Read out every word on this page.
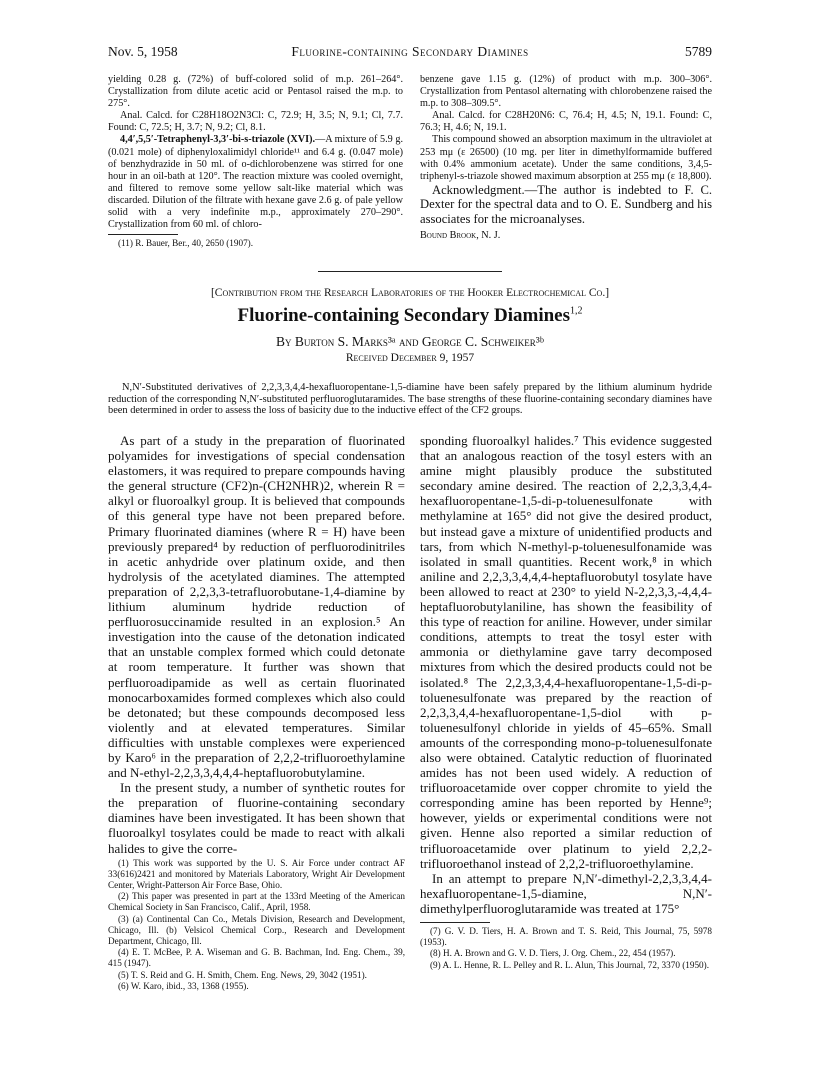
Nov. 5, 1958	Fluorine-containing Secondary Diamines	5789

yielding 0.28 g. (72%) of buff-colored solid of m.p. 261–264°. Crystallization from dilute acetic acid or Pentasol raised the m.p. to 275°.

Anal. Calcd. for C28H18O2N3Cl: C, 72.9; H, 3.5; N, 9.1; Cl, 7.7. Found: C, 72.5; H, 3.7; N, 9.2; Cl, 8.1.

4,4′,5,5′-Tetraphenyl-3,3′-bi-s-triazole (XVI).—A mixture of 5.9 g. (0.021 mole) of diphenyloxalimidyl chloride¹¹ and 6.4 g. (0.047 mole) of benzhydrazide in 50 ml. of o-dichlorobenzene was stirred for one hour in an oil-bath at 120°. The reaction mixture was cooled overnight, and filtered to remove some yellow salt-like material which was discarded. Dilution of the filtrate with hexane gave 2.6 g. of pale yellow solid with a very indefinite m.p., approximately 270–290°. Crystallization from 60 ml. of chloro-

(11) R. Bauer, Ber., 40, 2650 (1907).

benzene gave 1.15 g. (12%) of product with m.p. 300–306°. Crystallization from Pentasol alternating with chlorobenzene raised the m.p. to 308–309.5°.

Anal. Calcd. for C28H20N6: C, 76.4; H, 4.5; N, 19.1. Found: C, 76.3; H, 4.6; N, 19.1.

This compound showed an absorption maximum in the ultraviolet at 253 mμ (ε 26500) (10 mg. per liter in dimethylformamide buffered with 0.4% ammonium acetate). Under the same conditions, 3,4,5-triphenyl-s-triazole showed maximum absorption at 255 mμ (ε 18,800).

Acknowledgment.—The author is indebted to F. C. Dexter for the spectral data and to O. E. Sundberg and his associates for the microanalyses.

Bound Brook, N. J.

[Contribution from the Research Laboratories of the Hooker Electrochemical Co.]
Fluorine-containing Secondary Diamines$^{1,2}$
By Burton S. Marks³ᵃ and George C. Schweiker³ᵇ
Received December 9, 1957
N,N′-Substituted derivatives of 2,2,3,3,4,4-hexafluoropentane-1,5-diamine have been safely prepared by the lithium aluminum hydride reduction of the corresponding N,N′-substituted perfluoroglutaramides. The base strengths of these fluorine-containing secondary diamines have been determined in order to assess the loss of basicity due to the inductive effect of the CF2 groups.

As part of a study in the preparation of fluorinated polyamides for investigations of special condensation elastomers, it was required to prepare compounds having the general structure (CF2)n-(CH2NHR)2, wherein R = alkyl or fluoroalkyl group. It is believed that compounds of this general type have not been prepared before. Primary fluorinated diamines (where R = H) have been previously prepared⁴ by reduction of perfluorodinitriles in acetic anhydride over platinum oxide, and then hydrolysis of the acetylated diamines. The attempted preparation of 2,2,3,3-tetrafluorobutane-1,4-diamine by lithium aluminum hydride reduction of perfluorosuccinamide resulted in an explosion.⁵ An investigation into the cause of the detonation indicated that an unstable complex formed which could detonate at room temperature. It further was shown that perfluoroadipamide as well as certain fluorinated monocarboxamides formed complexes which also could be detonated; but these compounds decomposed less violently and at elevated temperatures. Similar difficulties with unstable complexes were experienced by Karo⁶ in the preparation of 2,2,2-trifluoroethylamine and N-ethyl-2,2,3,3,4,4,4-heptafluorobutylamine.

In the present study, a number of synthetic routes for the preparation of fluorine-containing secondary diamines have been investigated. It has been shown that fluoroalkyl tosylates could be made to react with alkali halides to give the corre-

(1) This work was supported by the U. S. Air Force under contract AF 33(616)2421 and monitored by Materials Laboratory, Wright Air Development Center, Wright-Patterson Air Force Base, Ohio.

(2) This paper was presented in part at the 133rd Meeting of the American Chemical Society in San Francisco, Calif., April, 1958.

(3) (a) Continental Can Co., Metals Division, Research and Development, Chicago, Ill. (b) Velsicol Chemical Corp., Research and Development Department, Chicago, Ill.

(4) E. T. McBee, P. A. Wiseman and G. B. Bachman, Ind. Eng. Chem., 39, 415 (1947).

(5) T. S. Reid and G. H. Smith, Chem. Eng. News, 29, 3042 (1951).

(6) W. Karo, ibid., 33, 1368 (1955).

sponding fluoroalkyl halides.⁷ This evidence suggested that an analogous reaction of the tosyl esters with an amine might plausibly produce the substituted secondary amine desired. The reaction of 2,2,3,3,4,4-hexafluoropentane-1,5-di-p-toluenesulfonate with methylamine at 165° did not give the desired product, but instead gave a mixture of unidentified products and tars, from which N-methyl-p-toluenesulfonamide was isolated in small quantities. Recent work,⁸ in which aniline and 2,2,3,3,4,4,4-heptafluorobutyl tosylate have been allowed to react at 230° to yield N-2,2,3,3,-4,4,4-heptafluorobutylaniline, has shown the feasibility of this type of reaction for aniline. However, under similar conditions, attempts to treat the tosyl ester with ammonia or diethylamine gave tarry decomposed mixtures from which the desired products could not be isolated.⁸ The 2,2,3,3,4,4-hexafluoropentane-1,5-di-p-toluenesulfonate was prepared by the reaction of 2,2,3,3,4,4-hexafluoropentane-1,5-diol with p-toluenesulfonyl chloride in yields of 45–65%. Small amounts of the corresponding mono-p-toluenesulfonate also were obtained. Catalytic reduction of fluorinated amides has not been used widely. A reduction of trifluoroacetamide over copper chromite to yield the corresponding amine has been reported by Henne⁹; however, yields or experimental conditions were not given. Henne also reported a similar reduction of trifluoroacetamide over platinum to yield 2,2,2-trifluoroethanol instead of 2,2,2-trifluoroethylamine.

In an attempt to prepare N,N′-dimethyl-2,2,3,3,4,4-hexafluoropentane-1,5-diamine, N,N′-dimethylperfluoroglutaramide was treated at 175°

(7) G. V. D. Tiers, H. A. Brown and T. S. Reid, This Journal, 75, 5978 (1953).

(8) H. A. Brown and G. V. D. Tiers, J. Org. Chem., 22, 454 (1957).

(9) A. L. Henne, R. L. Pelley and R. L. Alun, This Journal, 72, 3370 (1950).
